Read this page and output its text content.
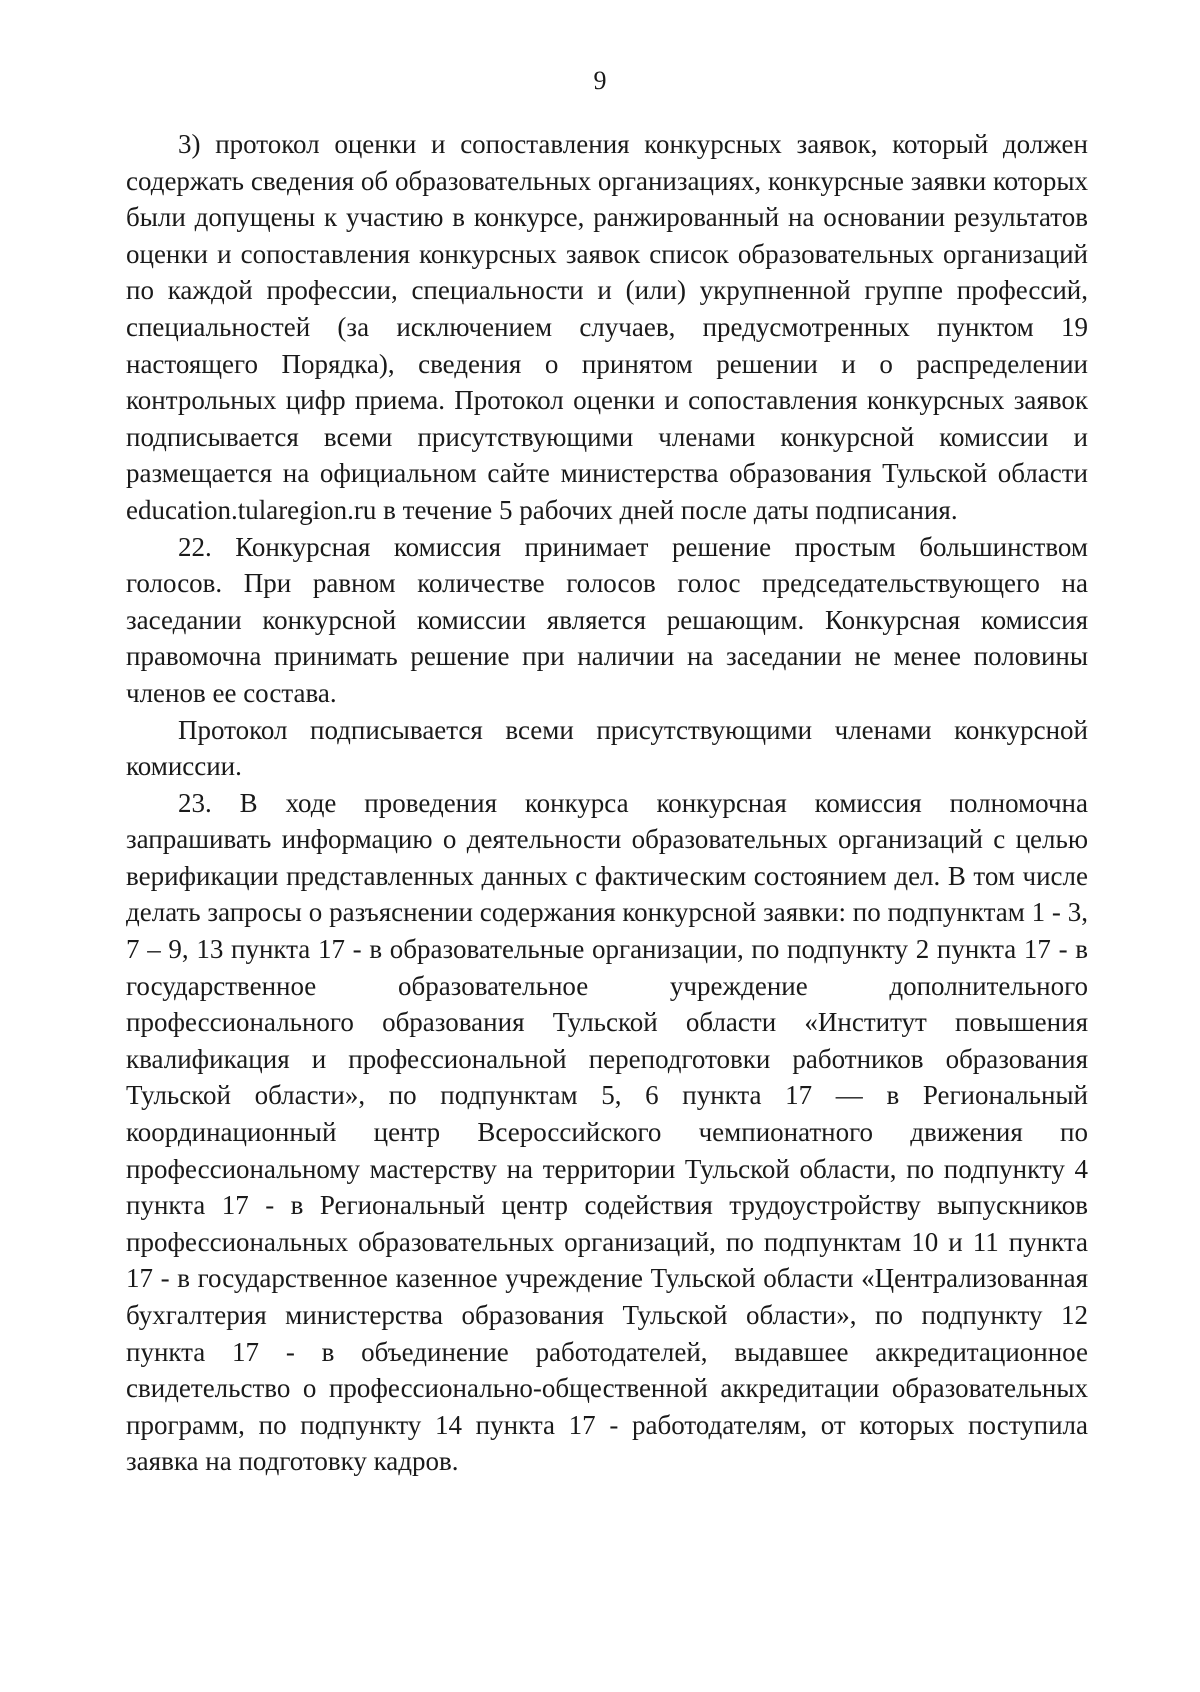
9

3) протокол оценки и сопоставления конкурсных заявок, который должен содержать сведения об образовательных организациях, конкурсные заявки которых были допущены к участию в конкурсе, ранжированный на основании результатов оценки и сопоставления конкурсных заявок список образовательных организаций по каждой профессии, специальности и (или) укрупненной группе профессий, специальностей (за исключением случаев, предусмотренных пунктом 19 настоящего Порядка), сведения о принятом решении и о распределении контрольных цифр приема. Протокол оценки и сопоставления конкурсных заявок подписывается всеми присутствующими членами конкурсной комиссии и размещается на официальном сайте министерства образования Тульской области education.tularegion.ru в течение 5 рабочих дней после даты подписания.

22. Конкурсная комиссия принимает решение простым большинством голосов. При равном количестве голосов голос председательствующего на заседании конкурсной комиссии является решающим. Конкурсная комиссия правомочна принимать решение при наличии на заседании не менее половины членов ее состава.

Протокол подписывается всеми присутствующими членами конкурсной комиссии.

23. В ходе проведения конкурса конкурсная комиссия полномочна запрашивать информацию о деятельности образовательных организаций с целью верификации представленных данных с фактическим состоянием дел. В том числе делать запросы о разъяснении содержания конкурсной заявки: по подпунктам 1 - 3, 7 – 9, 13 пункта 17 - в образовательные организации, по подпункту 2 пункта 17 - в государственное образовательное учреждение дополнительного профессионального образования Тульской области «Институт повышения квалификация и профессиональной переподготовки работников образования Тульской области», по подпунктам 5, 6 пункта 17 — в Региональный координационный центр Всероссийского чемпионатного движения по профессиональному мастерству на территории Тульской области, по подпункту 4 пункта 17 - в Региональный центр содействия трудоустройству выпускников профессиональных образовательных организаций, по подпунктам 10 и 11 пункта 17 - в государственное казенное учреждение Тульской области «Централизованная бухгалтерия министерства образования Тульской области», по подпункту 12 пункта 17 - в объединение работодателей, выдавшее аккредитационное свидетельство о профессионально-общественной аккредитации образовательных программ, по подпункту 14 пункта 17 - работодателям, от которых поступила заявка на подготовку кадров.
